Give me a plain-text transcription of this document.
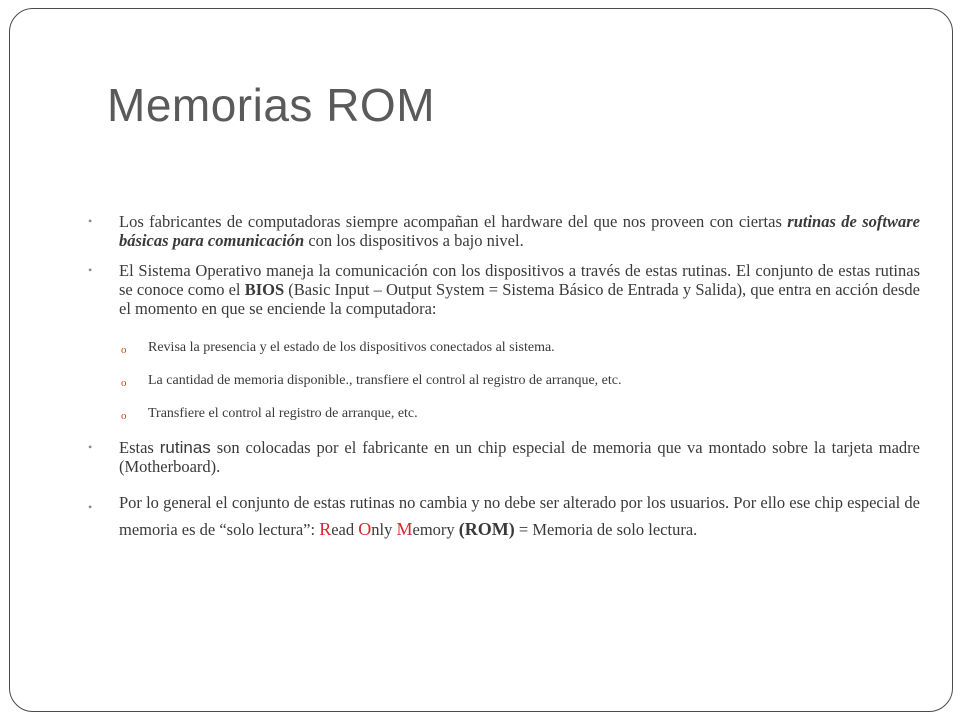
Memorias ROM
• Los fabricantes de computadoras siempre acompañan el hardware del que nos proveen con ciertas rutinas de software básicas para comunicación con los dispositivos a bajo nivel.
• El Sistema Operativo maneja la comunicación con los dispositivos a través de estas rutinas. El conjunto de estas rutinas se conoce como el BIOS (Basic Input – Output System = Sistema Básico de Entrada y Salida), que entra en acción desde el momento en que se enciende la computadora:
o Revisa la presencia y el estado de los dispositivos conectados al sistema.
o La cantidad de memoria disponible., transfiere el control al registro de arranque, etc.
o Transfiere el control al registro de arranque, etc.
• Estas rutinas son colocadas por el fabricante en un chip especial de memoria que va montado sobre la tarjeta madre (Motherboard).
• Por lo general el conjunto de estas rutinas no cambia y no debe ser alterado por los usuarios. Por ello ese chip especial de memoria es de “solo lectura”: Read Only Memory (ROM) = Memoria de solo lectura.
